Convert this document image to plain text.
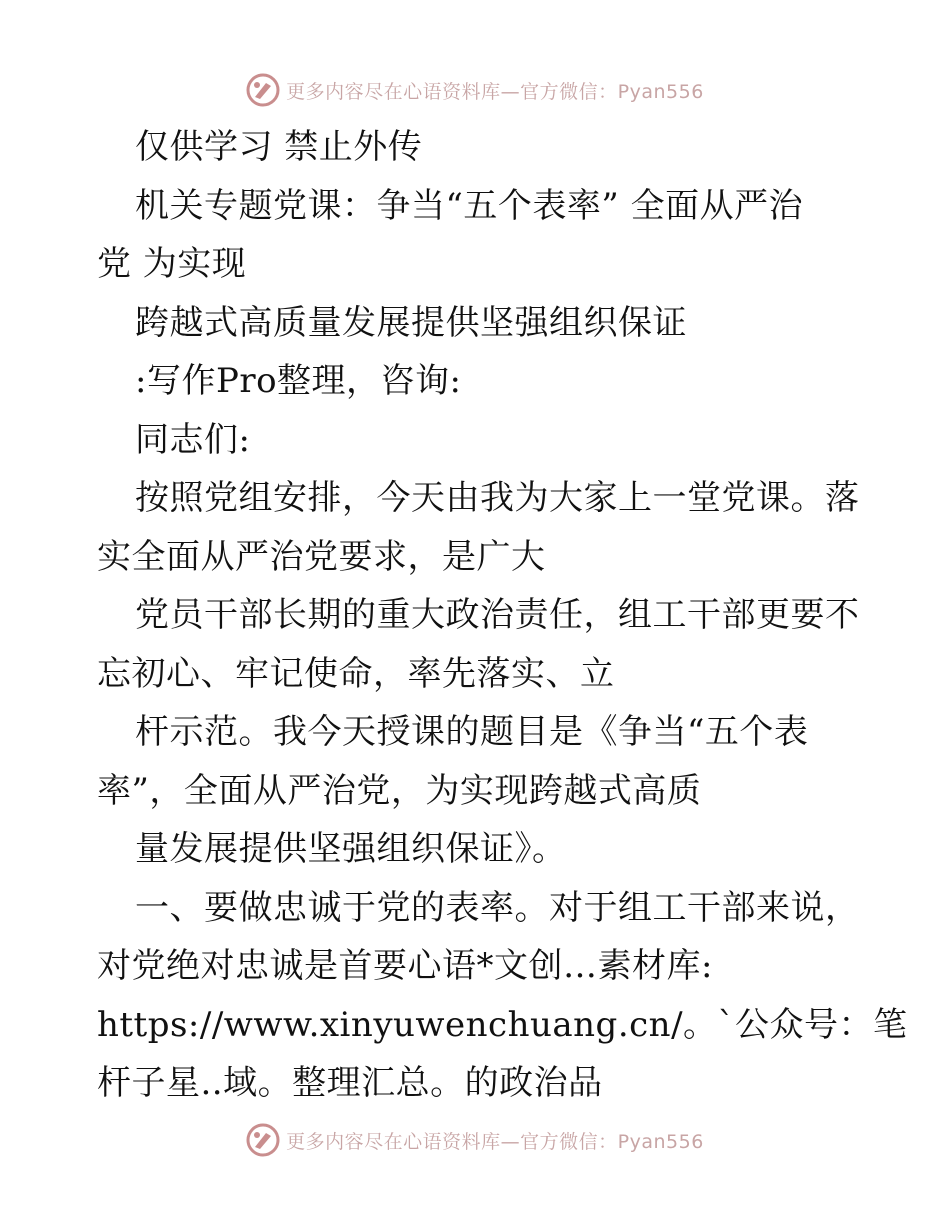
更多内容尽在心语资料库—官方微信：Pyan556
仅供学习 禁止外传
机关专题党课：争当“五个表率” 全面从严治
党 为实现
跨越式高质量发展提供坚强组织保证
:写作Pro整理，咨询:
同志们:
按照党组安排，今天由我为大家上一堂党课。落
实全面从严治党要求，是广大
党员干部长期的重大政治责任，组工干部更要不
忘初心、牢记使命，率先落实、立
杆示范。我今天授课的题目是《争当“五个表
率”，全面从严治党，为实现跨越式高质
量发展提供坚强组织保证》。
一、要做忠诚于党的表率。对于组工干部来说，
对党绝对忠诚是首要心语*文创…素材库:
https://www.xinyuwenchuang.cn/。`公众号：笔
杆子星..域。整理汇总。的政治品
更多内容尽在心语资料库—官方微信：Pyan556
